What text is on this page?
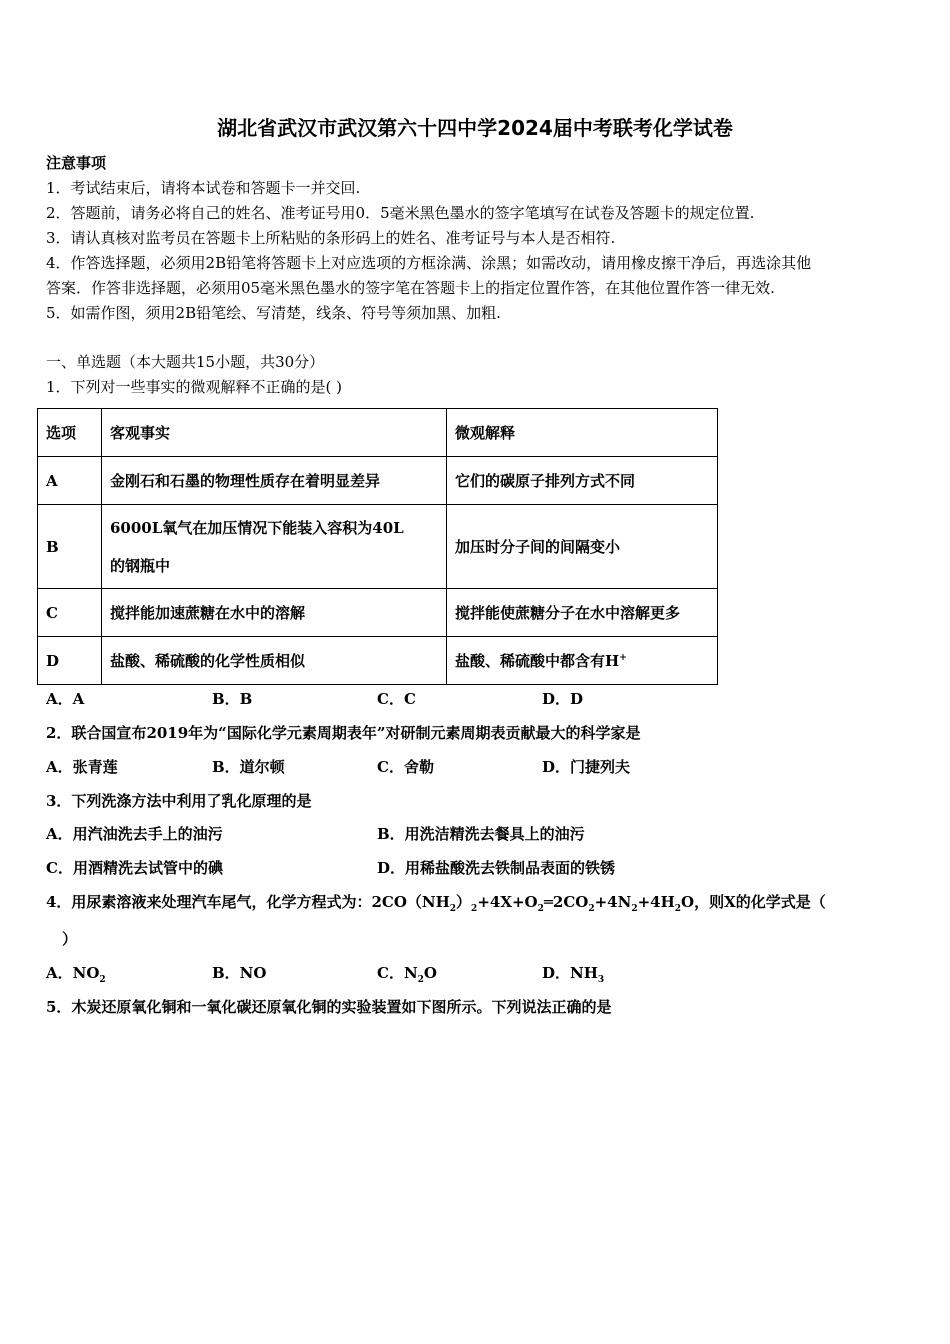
湖北省武汉市武汉第六十四中学2024届中考联考化学试卷
注意事项
1．考试结束后，请将本试卷和答题卡一并交回.
2．答题前，请务必将自己的姓名、准考证号用0．5毫米黑色墨水的签字笔填写在试卷及答题卡的规定位置.
3．请认真核对监考员在答题卡上所粘贴的条形码上的姓名、准考证号与本人是否相符.
4．作答选择题，必须用2B铅笔将答题卡上对应选项的方框涂满、涂黑；如需改动，请用橡皮擦干净后，再选涂其他
答案．作答非选择题，必须用05毫米黑色墨水的签字笔在答题卡上的指定位置作答，在其他位置作答一律无效.
5．如需作图，须用2B铅笔绘、写清楚，线条、符号等须加黑、加粗.
一、单选题（本大题共15小题，共30分）
1．下列对一些事实的微观解释不正确的是( )
选项	客观事实	微观解释
A	金刚石和石墨的物理性质存在着明显差异	它们的碳原子排列方式不同
B	6000L氧气在加压情况下能装入容积为40L
的钢瓶中	加压时分子间的间隔变小
C	搅拌能加速蔗糖在水中的溶解	搅拌能使蔗糖分子在水中溶解更多
D	盐酸、稀硫酸的化学性质相似	盐酸、稀硫酸中都含有H+
A．A	B．B	C．C	D．D
2．联合国宣布2019年为“国际化学元素周期表年”对研制元素周期表贡献最大的科学家是
A．张青莲	B．道尔顿	C．舍勒	D．门捷列夫
3．下列洗涤方法中利用了乳化原理的是
A．用汽油洗去手上的油污	B．用洗洁精洗去餐具上的油污
C．用酒精洗去试管中的碘	D．用稀盐酸洗去铁制品表面的铁锈
4．用尿素溶液来处理汽车尾气，化学方程式为：$2CO(NH_2)_2+4X+O_2═2CO_2+4N_2+4H_2O$，则X的化学式是（
）
A．$NO_2$	B．NO	C．$N_2O$	D．$NH_3$
5．木炭还原氧化铜和一氧化碳还原氧化铜的实验装置如下图所示。下列说法正确的是
